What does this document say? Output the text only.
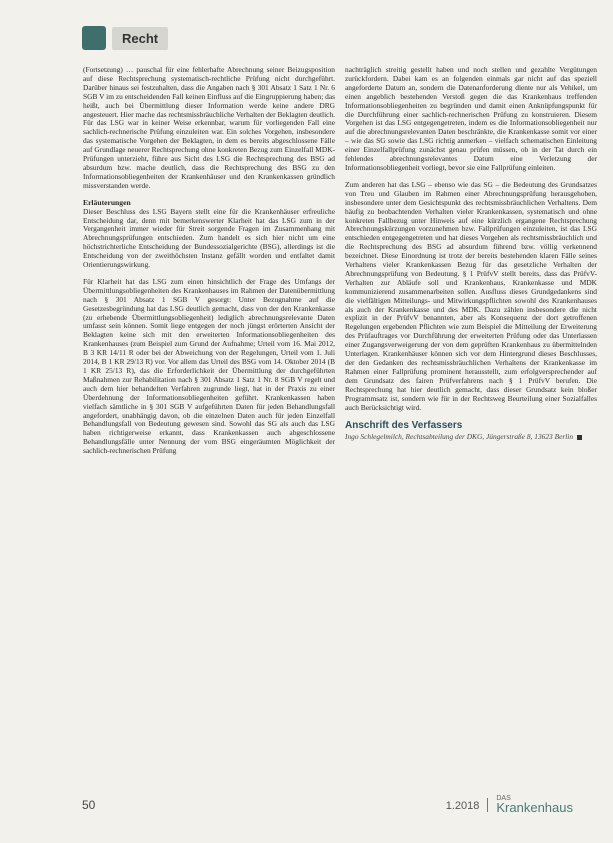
Recht

(Fortsetzung) … pauschal für eine fehlerhafte Abrechnung seiner Beizugsposition auf diese Rechtsprechung systematisch-rechtliche Prüfung nicht durchgeführt. Darüber hinaus sei festzuhalten, dass die Angaben nach § 301 Absatz 1 Satz 1 Nr. 6 SGB V im zu entscheidenden Fall keinen Einfluss auf die Eingruppierung haben; das heißt, auch bei Übermittlung dieser Information werde keine andere DRG angesteuert. Hier mache das rechtsmissbräuchliche Verhalten der Beklagten deutlich. Für das LSG war in keiner Weise erkennbar, warum für vorliegenden Fall eine sachlich-rechnerische Prüfung einzuleiten war. Ein solches Vorgehen, insbesondere das systematische Vorgehen der Beklagten, in dem es bereits abgeschlossene Fälle auf Grundlage neuerer Rechtsprechung ohne konkreten Bezug zum Einzelfall MDK-Prüfungen unterzieht, führe aus Sicht des LSG die Rechtsprechung des BSG ad absurdum bzw. mache deutlich, dass die Rechtsprechung des BSG zu den Informationsobliegenheiten der Krankenhäuser und den Krankenkassen gründlich missverstanden werde.

Erläuterungen

Dieser Beschluss des LSG Bayern stellt eine für die Krankenhäuser erfreuliche Entscheidung dar, denn mit bemerkenswerter Klarheit hat das LSG zum in der Vergangenheit immer wieder für Streit sorgende Fragen im Zusammenhang mit Abrechnungsprüfungen entschieden. Zum handelt es sich hier nicht um eine höchstrichterliche Entscheidung der Bundessozialgerichte (BSG), allerdings ist die Entscheidung von der zweithöchsten Instanz gefällt worden und entfaltet damit Orientierungswirkung.

Für Klarheit hat das LSG zum einen hinsichtlich der Frage des Umfangs der Übermittlungsobliegenheiten des Krankenhauses im Rahmen der Datenübermittlung nach § 301 Absatz 1 SGB V gesorgt: Unter Bezugnahme auf die Gesetzesbegründung hat das LSG deutlich gemacht, dass von der den Krankenkasse (zu erhebende Übermittlungsobliegenheit) lediglich abrechnungsrelevante Daten umfasst sein können. Somit liege entgegen der noch jüngst erörterten Ansicht der Beklagten keine sich mit den erweiterten Informationsobliegenheiten des Krankenhauses (zum Beispiel zum Grund der Aufnahme; Urteil vom 16. Mai 2012, B 3 KR 14/11 R oder bei der Abweichung von der Regelungen, Urteil vom 1. Juli 2014, B 1 KR 29/13 R) vor. Vor allem das Urteil des BSG vom 14. Oktober 2014 (B 1 KR 25/13 R), das die Erforderlichkeit der Übermittlung der durchgeführten Maßnahmen zur Rehabilitation nach § 301 Absatz 1 Satz 1 Nr. 8 SGB V regelt und auch dem hier behandelten Verfahren zugrunde liegt, hat in der Praxis zu einer Überdehnung der Informationsobliegenheiten geführt. Krankenkassen haben vielfach sämtliche in § 301 SGB V aufgeführten Daten für jeden Behandlungsfall angefordert, unabhängig davon, ob die einzelnen Daten auch für jeden Einzelfall Behandlungsfall von Bedeutung gewesen sind. Sowohl das SG als auch das LSG haben richtigerweise erkannt, dass Krankenkassen auch abgeschlossene Behandlungsfälle unter Nennung der vom BSG eingeräumten Möglichkeit der sachlich-rechnerischen Prüfung

nachträglich streitig gestellt haben und noch stellen und gezahlte Vergütungen zurückfordern. Dabei kam es an folgenden einmals gar nicht auf das speziell angeforderte Datum an, sondern die Datenanforderung diente nur als Vehikel, um einen angeblich bestehenden Verstoß gegen die das Krankenhaus treffenden Informationsobliegenheiten zu begründen und damit einen Anknüpfungspunkt für die Durchführung einer sachlich-rechnerischen Prüfung zu konstruieren. Diesem Vorgehen ist das LSG entgegengetreten, indem es die Informationsobliegenheit nur auf die abrechnungsrelevanten Daten beschränkte, die Krankenkasse somit vor einer – wie das SG sowie das LSG richtig anmerken – vielfach schematischen Einleitung einer Einzelfallprüfung zunächst genau prüfen müssen, ob in der Tat durch ein fehlendes abrechnungsrelevantes Datum eine Verletzung der Informationsobliegenheit vorliegt, bevor sie eine Fallprüfung einleiten.

Zum anderen hat das LSG – ebenso wie das SG – die Bedeutung des Grundsatzes von Treu und Glauben im Rahmen einer Abrechnungsprüfung herausgehoben, insbesondere unter dem Gesichtspunkt des rechtsmissbräuchlichen Verhaltens. Dem häufig zu beobachtenden Verhalten vieler Krankenkassen, systematisch und ohne konkreten Fallbezug unter Hinweis auf eine kürzlich ergangene Rechtsprechung Abrechnungskürzungen vorzunehmen bzw. Fallprüfungen einzuleiten, ist das LSG entschieden entgegengetreten und hat dieses Vorgehen als rechtsmissbräuchlich und die Rechtsprechung des BSG ad absurdum führend bzw. völlig verkennend bezeichnet. Diese Einordnung ist trotz der bereits bestehenden klaren Fälle seines Verhaltens vieler Krankenkassen Bezug für das gesetzliche Verhalten der Abrechnungsprüfung von Bedeutung. § 1 PrüfvV stellt bereits, dass das PrüfvV-Verhalten zur Abläufe soll und Krankenhaus, Krankenkasse und MDK kommunizierend zusammenarbeiten sollen. Ausfluss dieses Grundgedankens sind die vielfältigen Mitteilungs- und Mitwirkungspflichten sowohl des Krankenhauses als auch der Krankenkasse und des MDK. Dazu zählen insbesondere die nicht explizit in der PrüfvV benannten, aber als Konsequenz der dort getroffenen Regelungen ergebenden Pflichten wie zum Beispiel die Mitteilung der Erweiterung des Prüfauftrages vor Durchführung der erweiterten Prüfung oder das Unterlassen einer Zugangsverweigerung der von dem geprüften Krankenhaus zu übermittelnden Unterlagen. Krankenhäuser können sich vor dem Hintergrund dieses Beschlusses, der den Gedanken des rechtsmissbräuchlichen Verhaltens der Krankenkasse im Rahmen einer Fallprüfung prominent herausstellt, zum erfolgversprechender auf dem Grundsatz des fairen Prüfverfahrens nach § 1 PrüfvV berufen. Die Rechtsprechung hat hier deutlich gemacht, dass dieser Grundsatz kein bloßer Programmsatz ist, sondern wie für in der Rechtsweg Beurteilung einer Sozialfalles auch Berücksichtigt wird.

Anschrift des Verfassers
Ingo Schlegelmilch, Rechtsabteilung der DKG, Jüngerstraße 8, 13623 Berlin
50	1.2018
DAS
Krankenhaus
